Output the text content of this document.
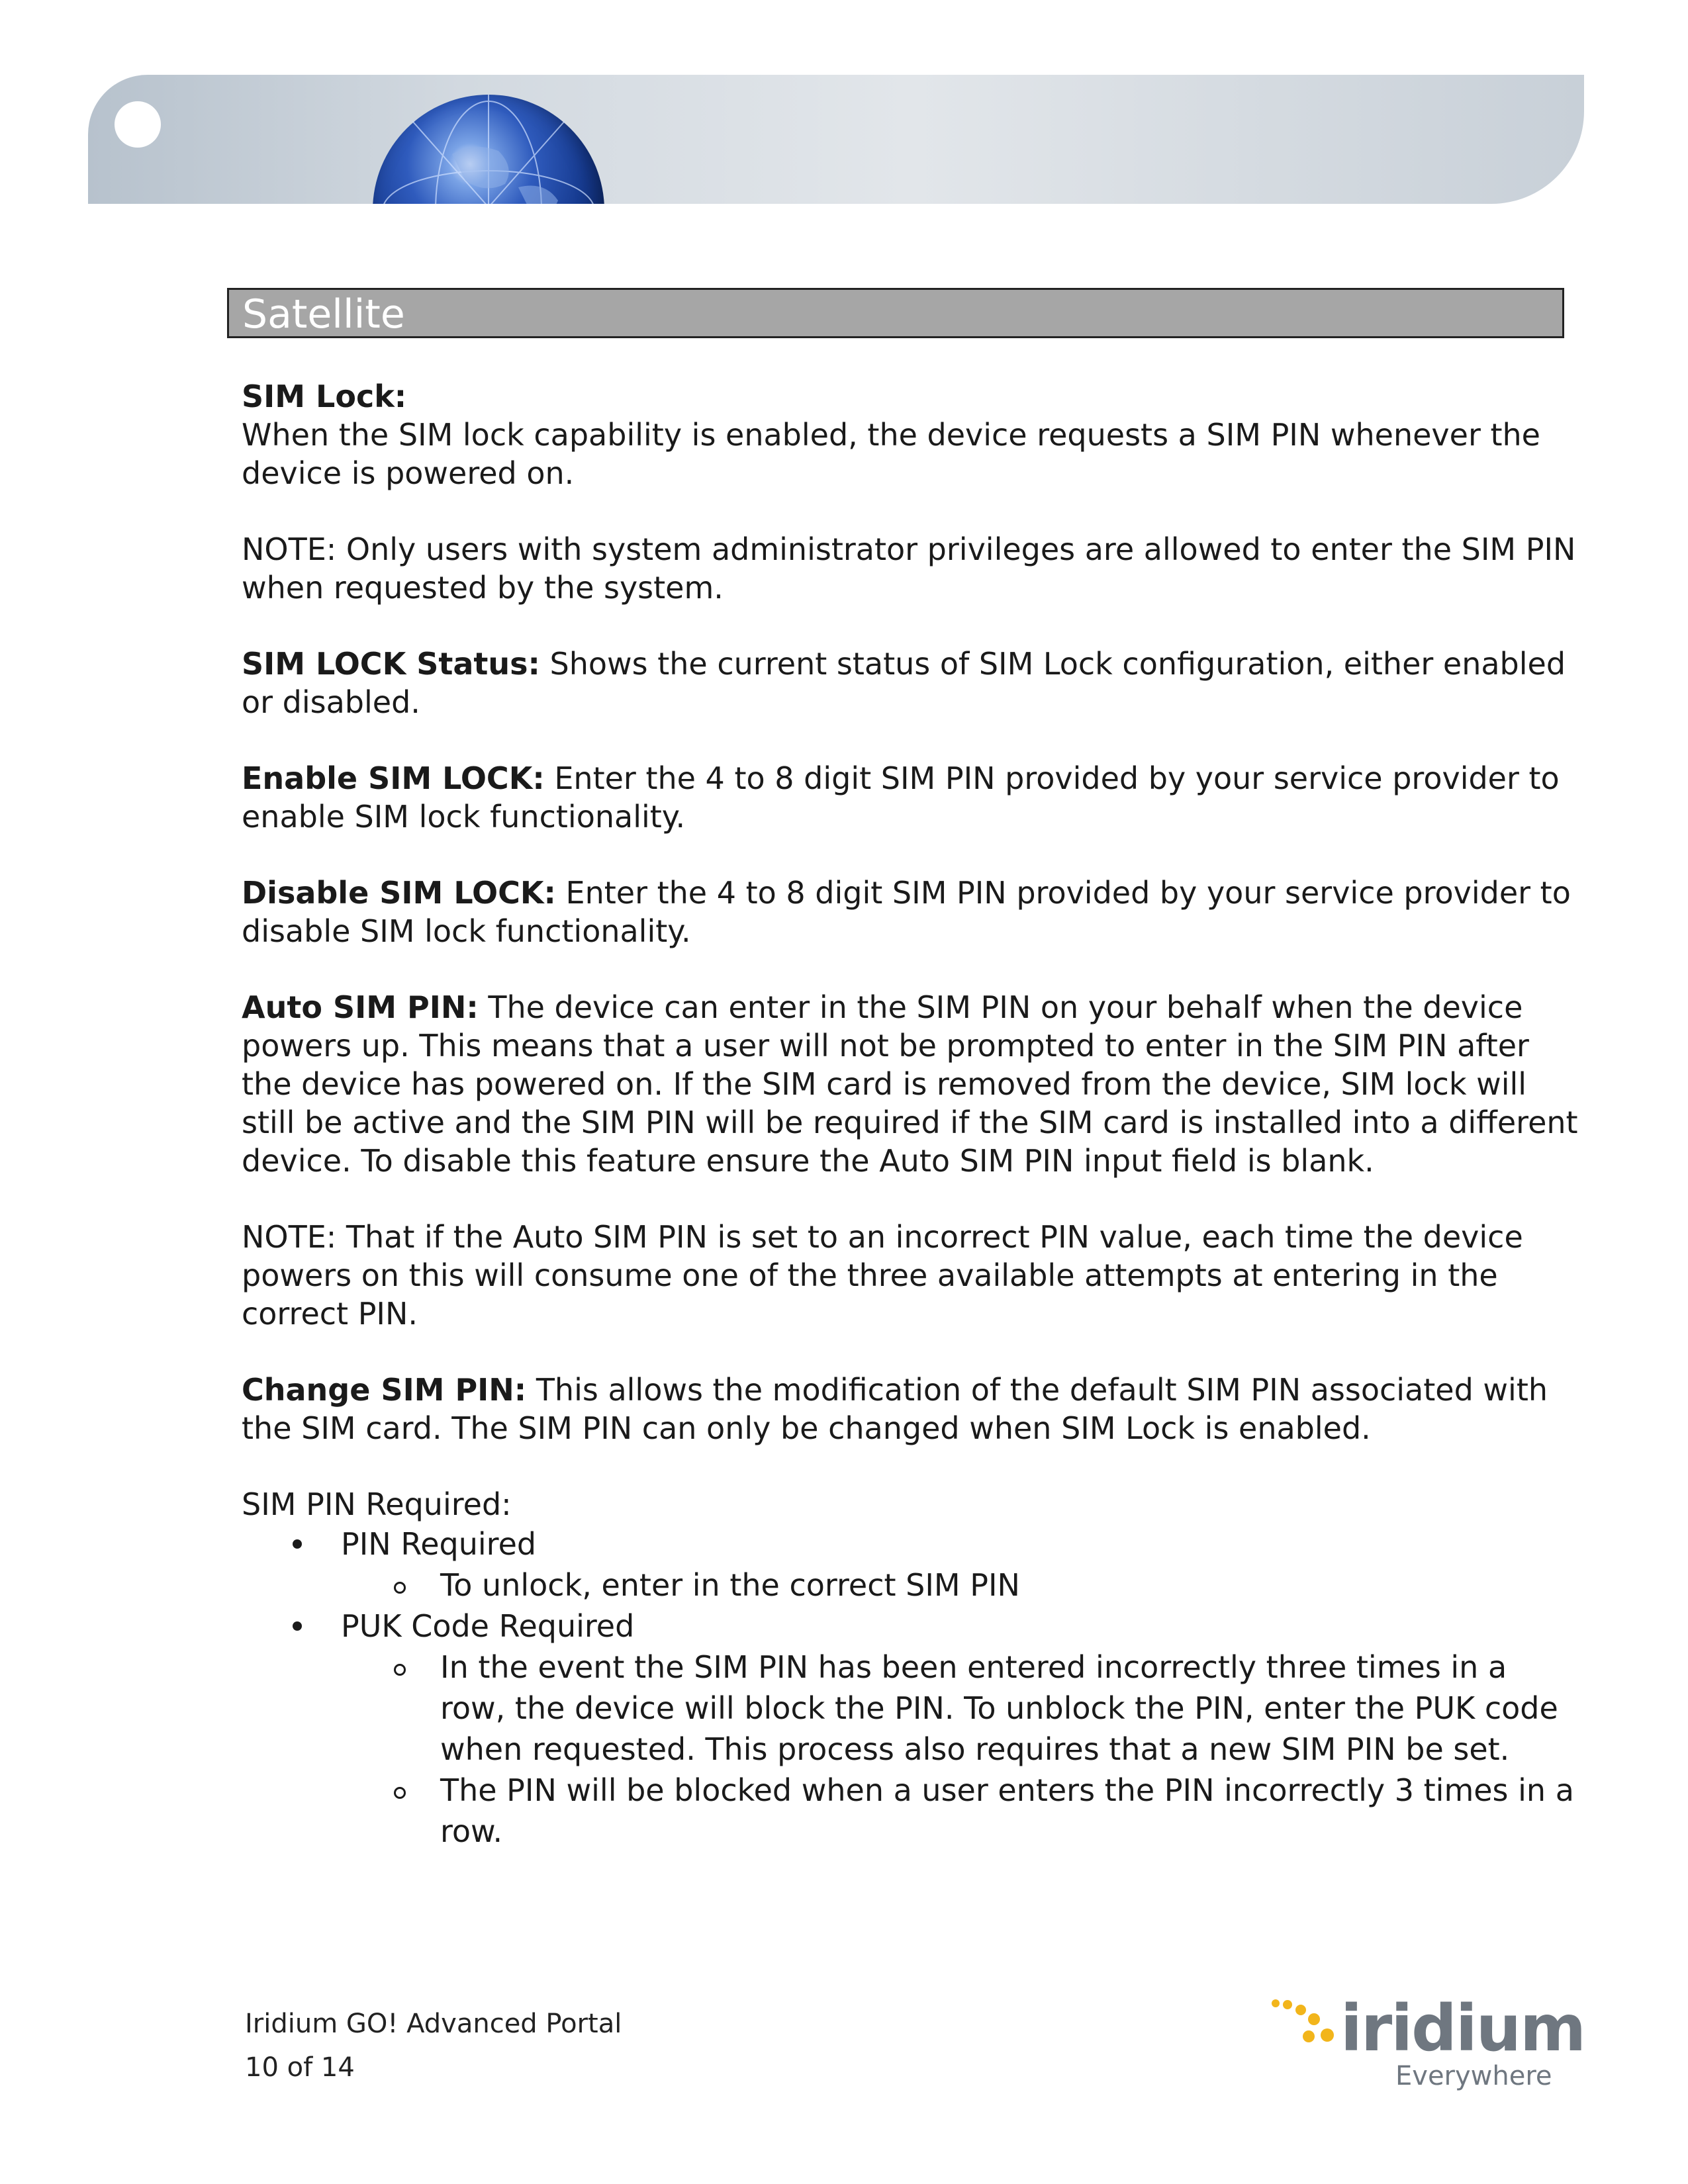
Satellite

SIM Lock:
When the SIM lock capability is enabled, the device requests a SIM PIN whenever the device is powered on.

NOTE: Only users with system administrator privileges are allowed to enter the SIM PIN when requested by the system.

SIM LOCK Status: Shows the current status of SIM Lock configuration, either enabled or disabled.

Enable SIM LOCK: Enter the 4 to 8 digit SIM PIN provided by your service provider to enable SIM lock functionality.

Disable SIM LOCK: Enter the 4 to 8 digit SIM PIN provided by your service provider to disable SIM lock functionality.

Auto SIM PIN: The device can enter in the SIM PIN on your behalf when the device powers up. This means that a user will not be prompted to enter in the SIM PIN after the device has powered on. If the SIM card is removed from the device, SIM lock will still be active and the SIM PIN will be required if the SIM card is installed into a different device. To disable this feature ensure the Auto SIM PIN input field is blank.

NOTE: That if the Auto SIM PIN is set to an incorrect PIN value, each time the device powers on this will consume one of the three available attempts at entering in the correct PIN.

Change SIM PIN: This allows the modification of the default SIM PIN associated with the SIM card. The SIM PIN can only be changed when SIM Lock is enabled.

SIM PIN Required:
PIN Required
To unlock, enter in the correct SIM PIN
PUK Code Required
In the event the SIM PIN has been entered incorrectly three times in a row, the device will block the PIN. To unblock the PIN, enter the PUK code when requested. This process also requires that a new SIM PIN be set.
The PIN will be blocked when a user enters the PIN incorrectly 3 times in a row.
Iridium GO! Advanced Portal
10 of 14
iridium
Everywhere
